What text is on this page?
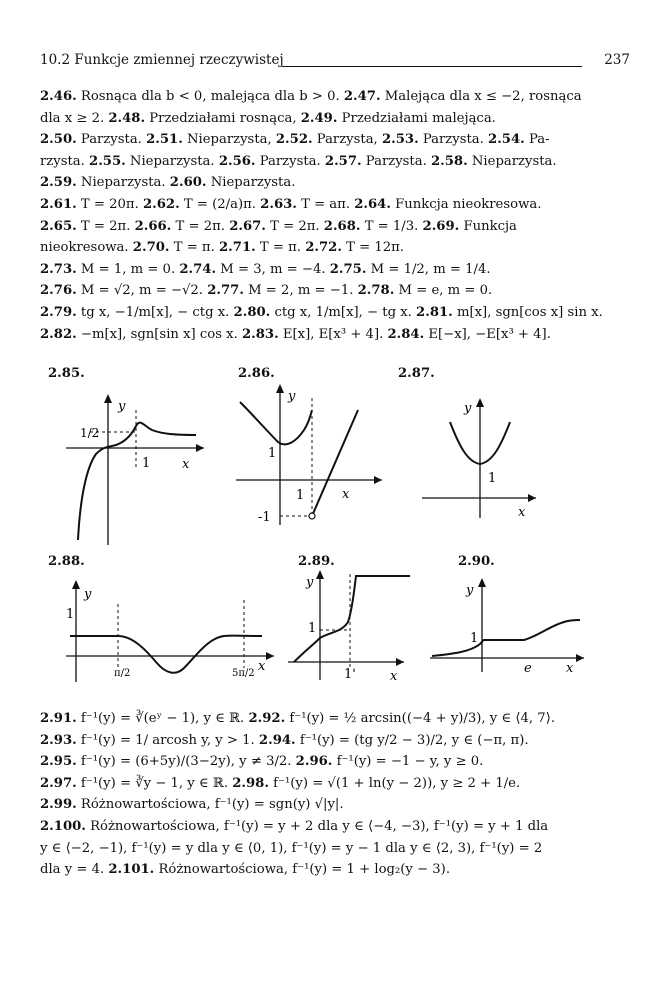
10.2 Funkcje zmiennej rzeczywistej	237
2.46. Rosnąca dla b < 0, malejąca dla b > 0. 2.47. Malejąca dla x ≤ −2, rosnąca
dla x ≥ 2. 2.48. Przedziałami rosnąca, 2.49. Przedziałami malejąca.
2.50. Parzysta. 2.51. Nieparzysta, 2.52. Parzysta, 2.53. Parzysta. 2.54. Pa-
rzysta. 2.55. Nieparzysta. 2.56. Parzysta. 2.57. Parzysta. 2.58. Nieparzysta.
2.59. Nieparzysta. 2.60. Nieparzysta.
2.61. T = 20π. 2.62. T = (2/a)π. 2.63. T = aπ. 2.64. Funkcja nieokresowa.
2.65. T = 2π. 2.66. T = 2π. 2.67. T = 2π. 2.68. T = 1/3. 2.69. Funkcja
nieokresowa. 2.70. T = π. 2.71. T = π. 2.72. T = 12π.
2.73. M = 1, m = 0. 2.74. M = 3, m = −4. 2.75. M = 1/2, m = 1/4.
2.76. M = √2, m = −√2. 2.77. M = 2, m = −1. 2.78. M = e, m = 0.
2.79. tg x, −1/m[x], − ctg x. 2.80. ctg x, 1/m[x], − tg x. 2.81. m[x], sgn[cos x] sin x.
2.82. −m[x], sgn[sin x] cos x. 2.83. E[x], E[x³ + 4]. 2.84. E[−x], −E[x³ + 4].
2.85.	2.86.	2.87.
y
1/2
1 x
y
1
1	x
-1
y
1
x
2.88.	2.89.	2.90.
y
1
π/2	5π/2 x
y
1
1'	x
y
1
e	x
2.91. f⁻¹(y) = ∛(eʸ − 1), y ∈ ℝ. 2.92. f⁻¹(y) = ½ arcsin((−4 + y)/3), y ∈ ⟨4, 7⟩.
2.93. f⁻¹(y) = 1/ arcosh y, y > 1. 2.94. f⁻¹(y) = (tg y/2 − 3)/2, y ∈ (−π, π).
2.95. f⁻¹(y) = (6+5y)/(3−2y), y ≠ 3/2. 2.96. f⁻¹(y) = −1 − y, y ≥ 0.
2.97. f⁻¹(y) = ∛y − 1, y ∈ ℝ. 2.98. f⁻¹(y) = √(1 + ln(y − 2)), y ≥ 2 + 1/e.
2.99. Różnowartościowa, f⁻¹(y) = sgn(y) √|y|.
2.100. Różnowartościowa, f⁻¹(y) = y + 2 dla y ∈ ⟨−4, −3), f⁻¹(y) = y + 1 dla
y ∈ ⟨−2, −1), f⁻¹(y) = y dla y ∈ ⟨0, 1), f⁻¹(y) = y − 1 dla y ∈ ⟨2, 3), f⁻¹(y) = 2
dla y = 4. 2.101. Różnowartościowa, f⁻¹(y) = 1 + log₂(y − 3).
